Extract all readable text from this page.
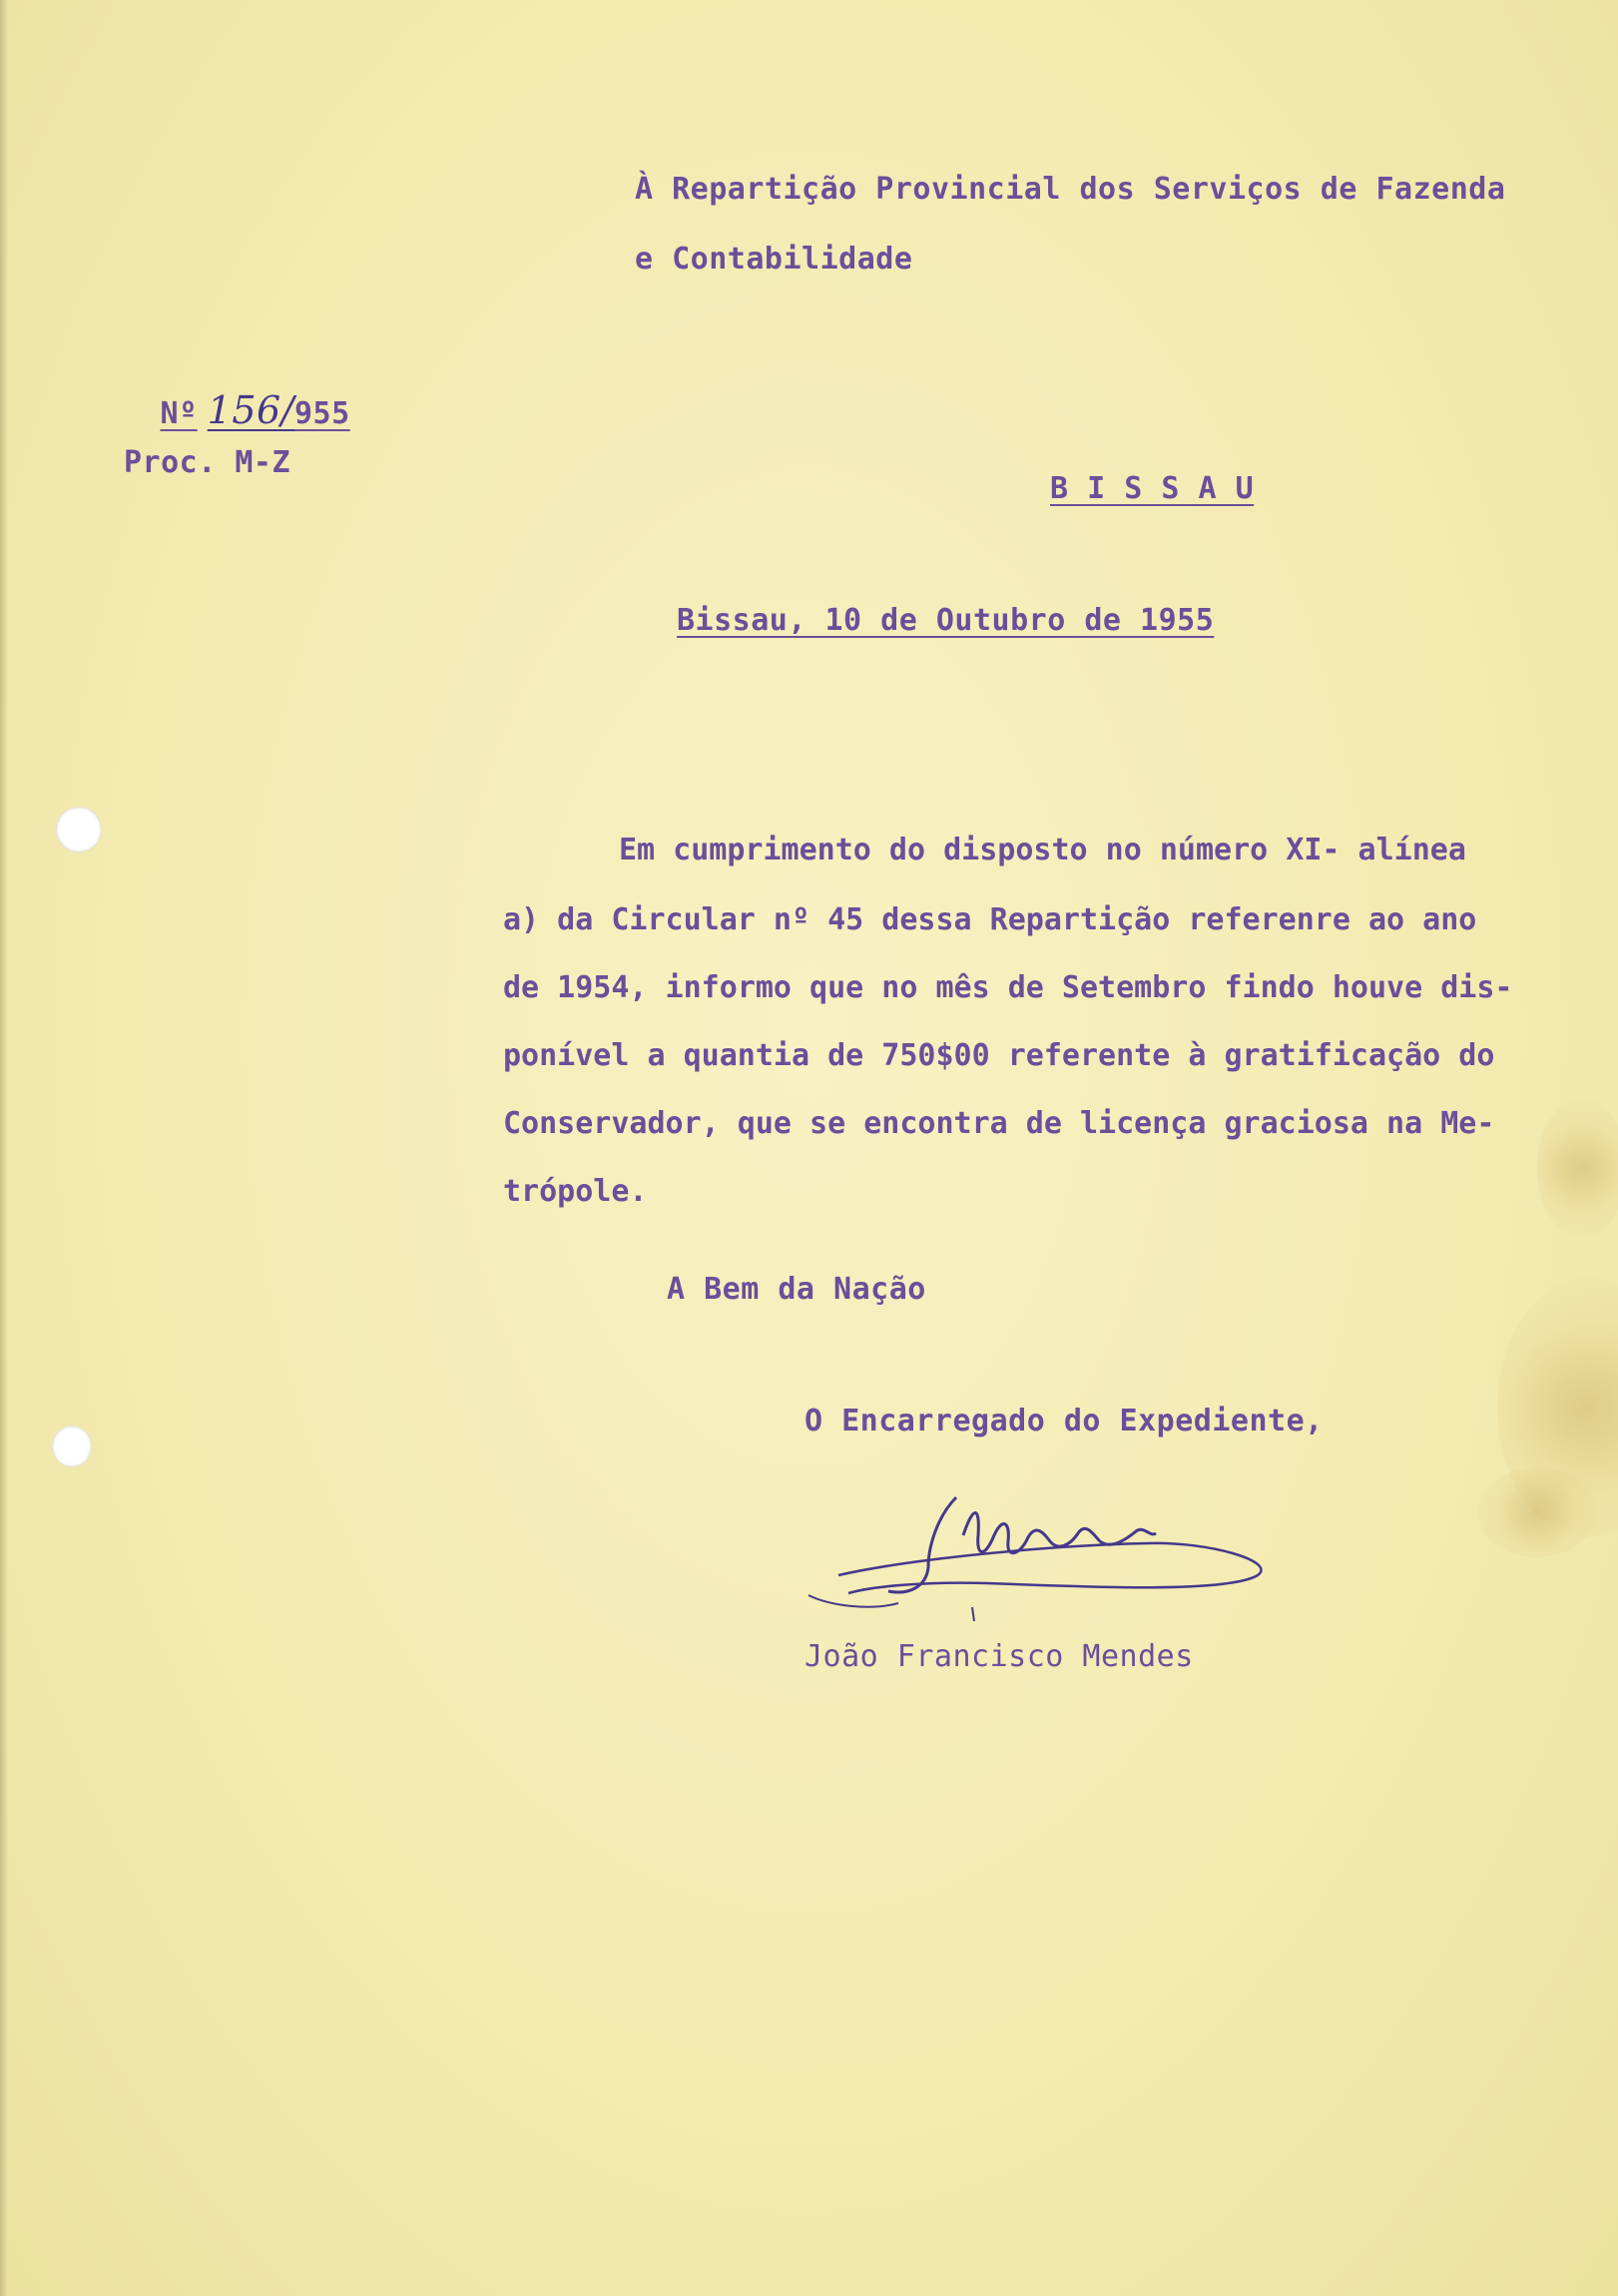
À Repartição Provincial dos Serviços de Fazenda

e Contabilidade

Nº 156/955

Proc. M-Z

B I S S A U

Bissau, 10 de Outubro de 1955

Em cumprimento do disposto no número XI- alínea

a) da Circular nº 45 dessa Repartição referenre ao ano

de 1954, informo que no mês de Setembro findo houve dis-

ponível a quantia de 750$00 referente à gratificação do

Conservador, que se encontra de licença graciosa na Me-

trópole.

A Bem da Nação

O Encarregado do Expediente,

João Francisco Mendes
